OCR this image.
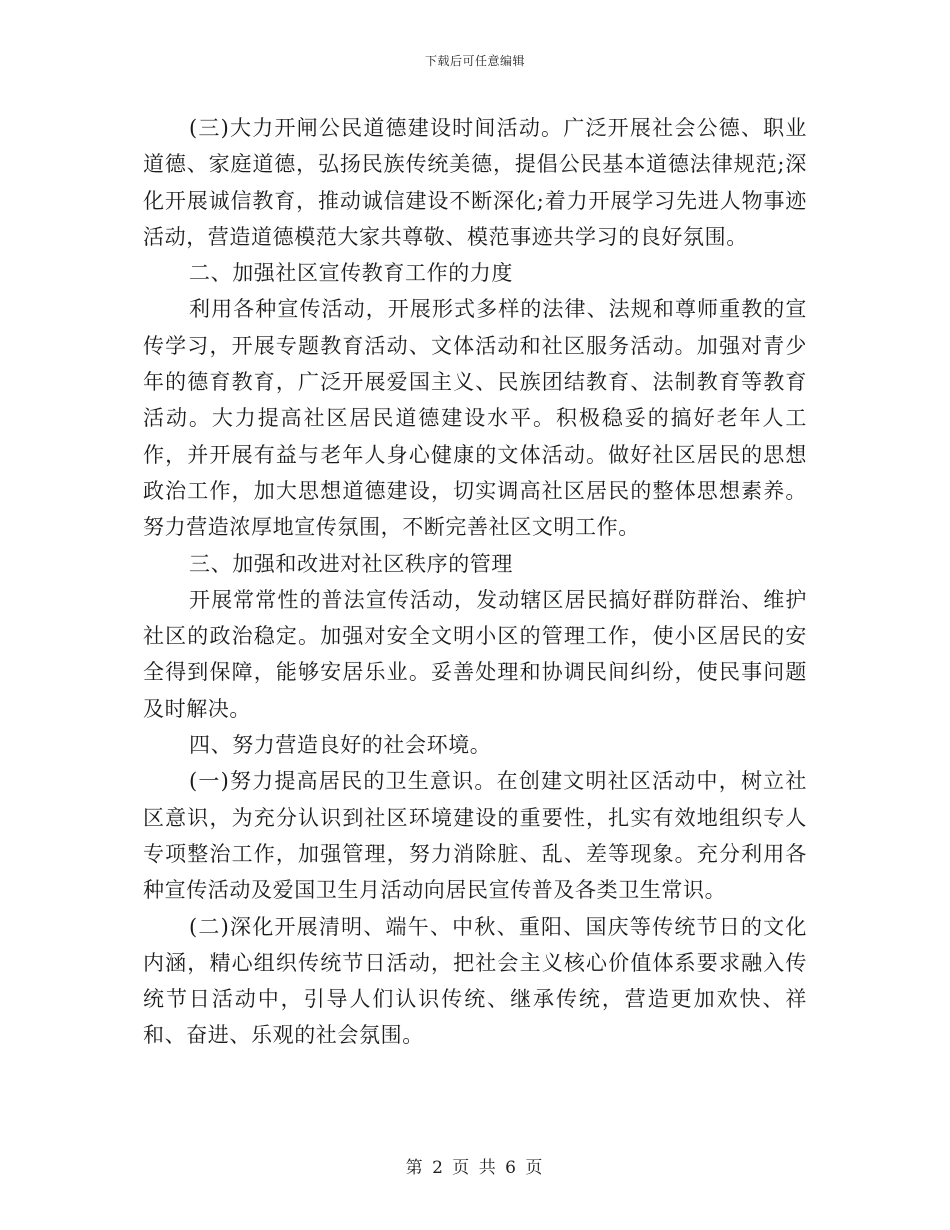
下载后可任意编辑

(三)大力开闸公民道德建设时间活动。广泛开展社会公德、职业道德、家庭道德，弘扬民族传统美德，提倡公民基本道德法律规范;深化开展诚信教育，推动诚信建设不断深化;着力开展学习先进人物事迹活动，营造道德模范大家共尊敬、模范事迹共学习的良好氛围。

二、加强社区宣传教育工作的力度

利用各种宣传活动，开展形式多样的法律、法规和尊师重教的宣传学习，开展专题教育活动、文体活动和社区服务活动。加强对青少年的德育教育，广泛开展爱国主义、民族团结教育、法制教育等教育活动。大力提高社区居民道德建设水平。积极稳妥的搞好老年人工作，并开展有益与老年人身心健康的文体活动。做好社区居民的思想政治工作，加大思想道德建设，切实调高社区居民的整体思想素养。努力营造浓厚地宣传氛围，不断完善社区文明工作。

三、加强和改进对社区秩序的管理

开展常常性的普法宣传活动，发动辖区居民搞好群防群治、维护社区的政治稳定。加强对安全文明小区的管理工作，使小区居民的安全得到保障，能够安居乐业。妥善处理和协调民间纠纷，使民事问题及时解决。

四、努力营造良好的社会环境。

(一)努力提高居民的卫生意识。在创建文明社区活动中，树立社区意识，为充分认识到社区环境建设的重要性，扎实有效地组织专人专项整治工作，加强管理，努力消除脏、乱、差等现象。充分利用各种宣传活动及爱国卫生月活动向居民宣传普及各类卫生常识。

(二)深化开展清明、端午、中秋、重阳、国庆等传统节日的文化内涵，精心组织传统节日活动，把社会主义核心价值体系要求融入传统节日活动中，引导人们认识传统、继承传统，营造更加欢快、祥和、奋进、乐观的社会氛围。

第 2 页 共 6 页
